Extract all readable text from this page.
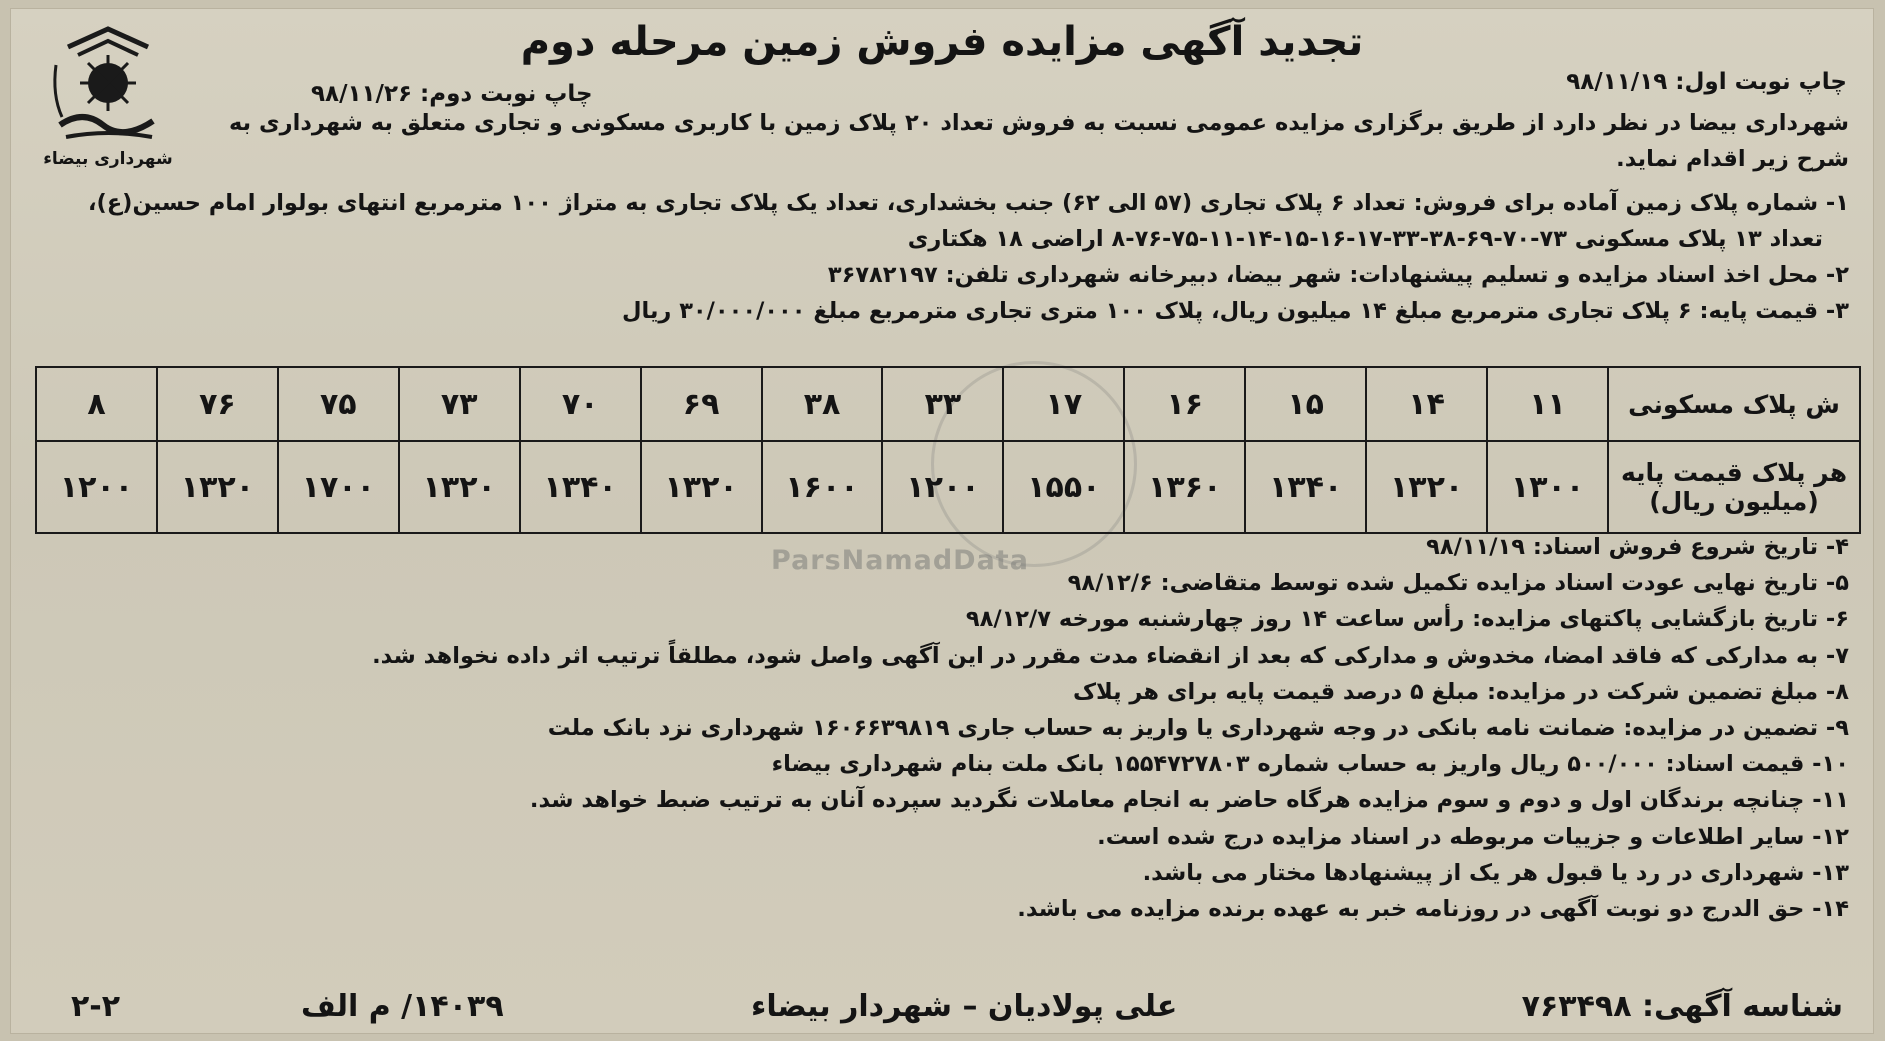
شهرداری بیضاء
تجدید آگهی مزایده فروش زمین مرحله دوم
چاپ نوبت اول: ۹۸/۱۱/۱۹
چاپ نوبت دوم: ۹۸/۱۱/۲۶
شهرداری بیضا در نظر دارد از طریق برگزاری مزایده عمومی نسبت به فروش تعداد ۲۰ پلاک زمین با کاربری مسکونی و تجاری متعلق به شهرداری به شرح زیر اقدام نماید.
۱- شماره پلاک زمین آماده برای فروش: تعداد ۶ پلاک تجاری (۵۷ الی ۶۲) جنب بخشداری، تعداد یک پلاک تجاری به متراژ ۱۰۰ مترمربع انتهای بولوار امام حسین(ع)،
تعداد ۱۳ پلاک مسکونی ۷۳-۷۰-۶۹-۳۸-۳۳-۱۷-۱۶-۱۵-۱۴-۱۱-۷۵-۷۶-۸ اراضی ۱۸ هکتاری
۲- محل اخذ اسناد مزایده و تسلیم پیشنهادات: شهر بیضا، دبیرخانه شهرداری تلفن: ۳۶۷۸۲۱۹۷
۳- قیمت پایه: ۶ پلاک تجاری مترمربع مبلغ ۱۴ میلیون ریال، پلاک ۱۰۰ متری تجاری مترمربع مبلغ ۳۰/۰۰۰/۰۰۰ ریال
ش پلاک مسکونی	۱۱	۱۴	۱۵	۱۶	۱۷	۳۳	۳۸	۶۹	۷۰	۷۳	۷۵	۷۶	۸

هر پلاک قیمت پایه
(میلیون ریال)	۱۳۰۰	۱۳۲۰	۱۳۴۰	۱۳۶۰	۱۵۵۰	۱۲۰۰	۱۶۰۰	۱۳۲۰	۱۳۴۰	۱۳۲۰	۱۷۰۰	۱۳۲۰	۱۲۰۰
ParsNamadData	۴- تاریخ شروع فروش اسناد: ۹۸/۱۱/۱۹
۵- تاریخ نهایی عودت اسناد مزایده تکمیل شده توسط متقاضی: ۹۸/۱۲/۶
۶- تاریخ بازگشایی پاکتهای مزایده: رأس ساعت ۱۴ روز چهارشنبه مورخه ۹۸/۱۲/۷
۷- به مدارکی که فاقد امضا، مخدوش و مدارکی که بعد از انقضاء مدت مقرر در این آگهی واصل شود، مطلقاً ترتیب اثر داده نخواهد شد.
۸- مبلغ تضمین شرکت در مزایده: مبلغ ۵ درصد قیمت پایه برای هر پلاک
۹- تضمین در مزایده: ضمانت نامه بانکی در وجه شهرداری یا واریز به حساب جاری ۱۶۰۶۶۳۹۸۱۹ شهرداری نزد بانک ملت
۱۰- قیمت اسناد: ۵۰۰/۰۰۰ ریال واریز به حساب شماره ۱۵۵۴۷۲۷۸۰۳ بانک ملت بنام شهرداری بیضاء
۱۱- چنانچه برندگان اول و دوم و سوم مزایده هرگاه حاضر به انجام معاملات نگردید سپرده آنان به ترتیب ضبط خواهد شد.
۱۲- سایر اطلاعات و جزییات مربوطه در اسناد مزایده درج شده است.
۱۳- شهرداری در رد یا قبول هر یک از پیشنهادها مختار می باشد.
۱۴- حق الدرج دو نوبت آگهی در روزنامه خبر به عهده برنده مزایده می باشد.
شناسه آگهی: ۷۶۳۴۹۸
علی پولادیان – شهردار بیضاء
۱۴۰۳۹/ م الف
۲-۲
